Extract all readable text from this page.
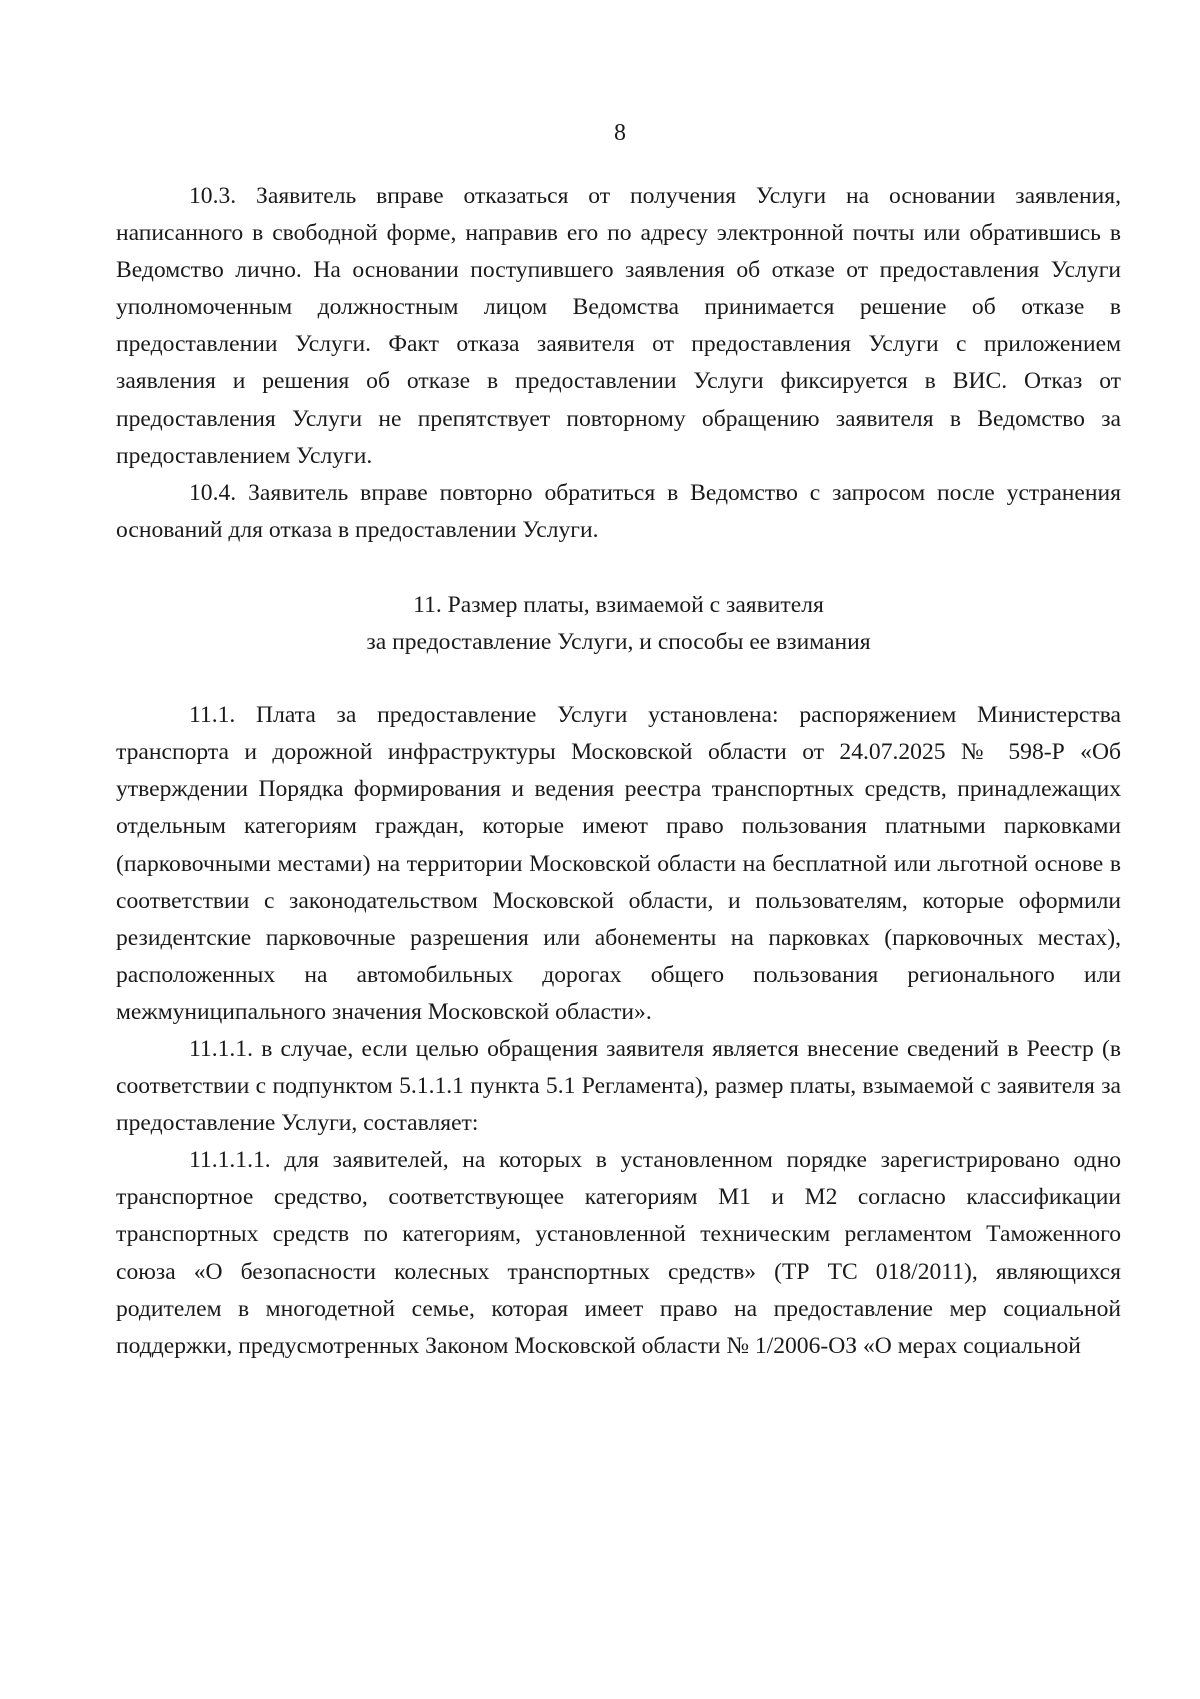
8

10.3. Заявитель вправе отказаться от получения Услуги на основании заявления, написанного в свободной форме, направив его по адресу электронной почты или обратившись в Ведомство лично. На основании поступившего заявления об отказе от предоставления Услуги уполномоченным должностным лицом Ведомства принимается решение об отказе в предоставлении Услуги. Факт отказа заявителя от предоставления Услуги с приложением заявления и решения об отказе в предоставлении Услуги фиксируется в ВИС. Отказ от предоставления Услуги не препятствует повторному обращению заявителя в Ведомство за предоставлением Услуги.

10.4. Заявитель вправе повторно обратиться в Ведомство с запросом после устранения оснований для отказа в предоставлении Услуги.

11. Размер платы, взимаемой с заявителя
за предоставление Услуги, и способы ее взимания

11.1. Плата за предоставление Услуги установлена: распоряжением Министерства транспорта и дорожной инфраструктуры Московской области от 24.07.2025 № 598-Р «Об утверждении Порядка формирования и ведения реестра транспортных средств, принадлежащих отдельным категориям граждан, которые имеют право пользования платными парковками (парковочными местами) на территории Московской области на бесплатной или льготной основе в соответствии с законодательством Московской области, и пользователям, которые оформили резидентские парковочные разрешения или абонементы на парковках (парковочных местах), расположенных на автомобильных дорогах общего пользования регионального или межмуниципального значения Московской области».

11.1.1. в случае, если целью обращения заявителя является внесение сведений в Реестр (в соответствии с подпунктом 5.1.1.1 пункта 5.1 Регламента), размер платы, взымаемой с заявителя за предоставление Услуги, составляет:

11.1.1.1. для заявителей, на которых в установленном порядке зарегистрировано одно транспортное средство, соответствующее категориям М1 и М2 согласно классификации транспортных средств по категориям, установленной техническим регламентом Таможенного союза «О безопасности колесных транспортных средств» (ТР ТС 018/2011), являющихся родителем в многодетной семье, которая имеет право на предоставление мер социальной поддержки, предусмотренных Законом Московской области № 1/2006-ОЗ «О мерах социальной
